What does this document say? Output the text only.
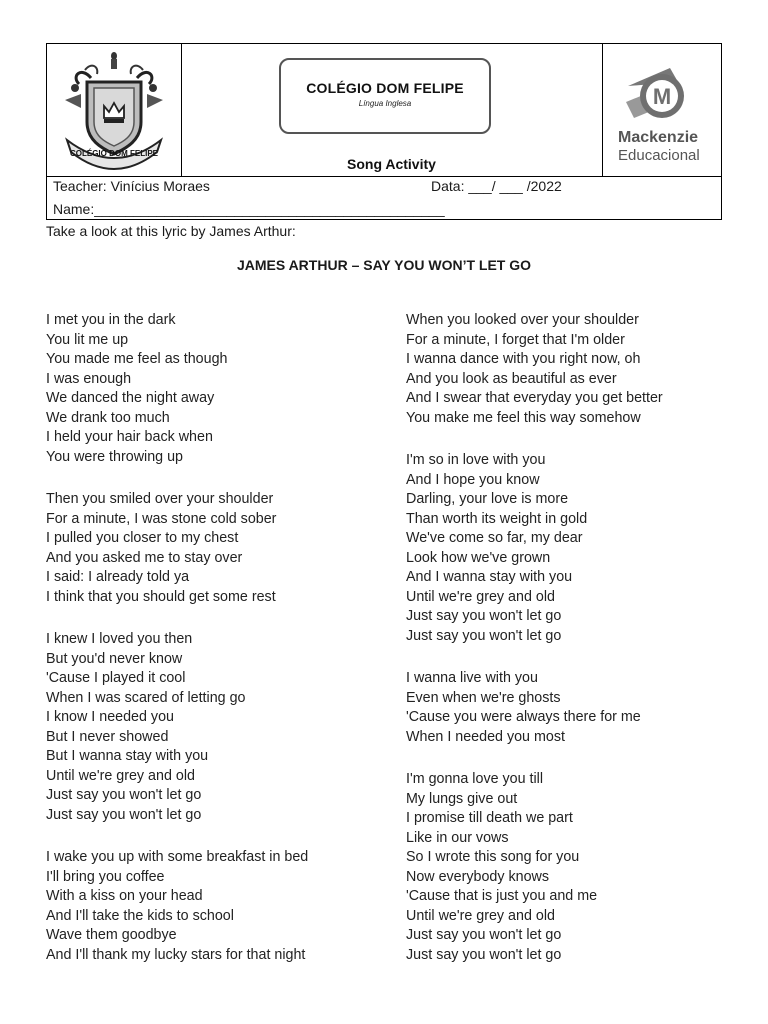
COLÉGIO DOM FELIPE
COLÉGIO DOM FELIPE
Língua Inglesa
Song Activity
M
Mackenzie
Educacional
Teacher: Vinícius Moraes	Data: ___/ ___ /2022
Name:_____________________________________________
Take a look at this lyric by James Arthur:
JAMES ARTHUR – SAY YOU WON’T LET GO
I met you in the dark
You lit me up
You made me feel as though
I was enough
We danced the night away
We drank too much
I held your hair back when
You were throwing up
Then you smiled over your shoulder
For a minute, I was stone cold sober
I pulled you closer to my chest
And you asked me to stay over
I said: I already told ya
I think that you should get some rest
I knew I loved you then
But you'd never know
'Cause I played it cool
When I was scared of letting go
I know I needed you
But I never showed
But I wanna stay with you
Until we're grey and old
Just say you won't let go
Just say you won't let go
I wake you up with some breakfast in bed
I'll bring you coffee
With a kiss on your head
And I'll take the kids to school
Wave them goodbye
And I'll thank my lucky stars for that night
When you looked over your shoulder
For a minute, I forget that I'm older
I wanna dance with you right now, oh
And you look as beautiful as ever
And I swear that everyday you get better
You make me feel this way somehow
I'm so in love with you
And I hope you know
Darling, your love is more
Than worth its weight in gold
We've come so far, my dear
Look how we've grown
And I wanna stay with you
Until we're grey and old
Just say you won't let go
Just say you won't let go
I wanna live with you
Even when we're ghosts
'Cause you were always there for me
When I needed you most
I'm gonna love you till
My lungs give out
I promise till death we part
Like in our vows
So I wrote this song for you
Now everybody knows
'Cause that is just you and me
Until we're grey and old
Just say you won't let go
Just say you won't let go
